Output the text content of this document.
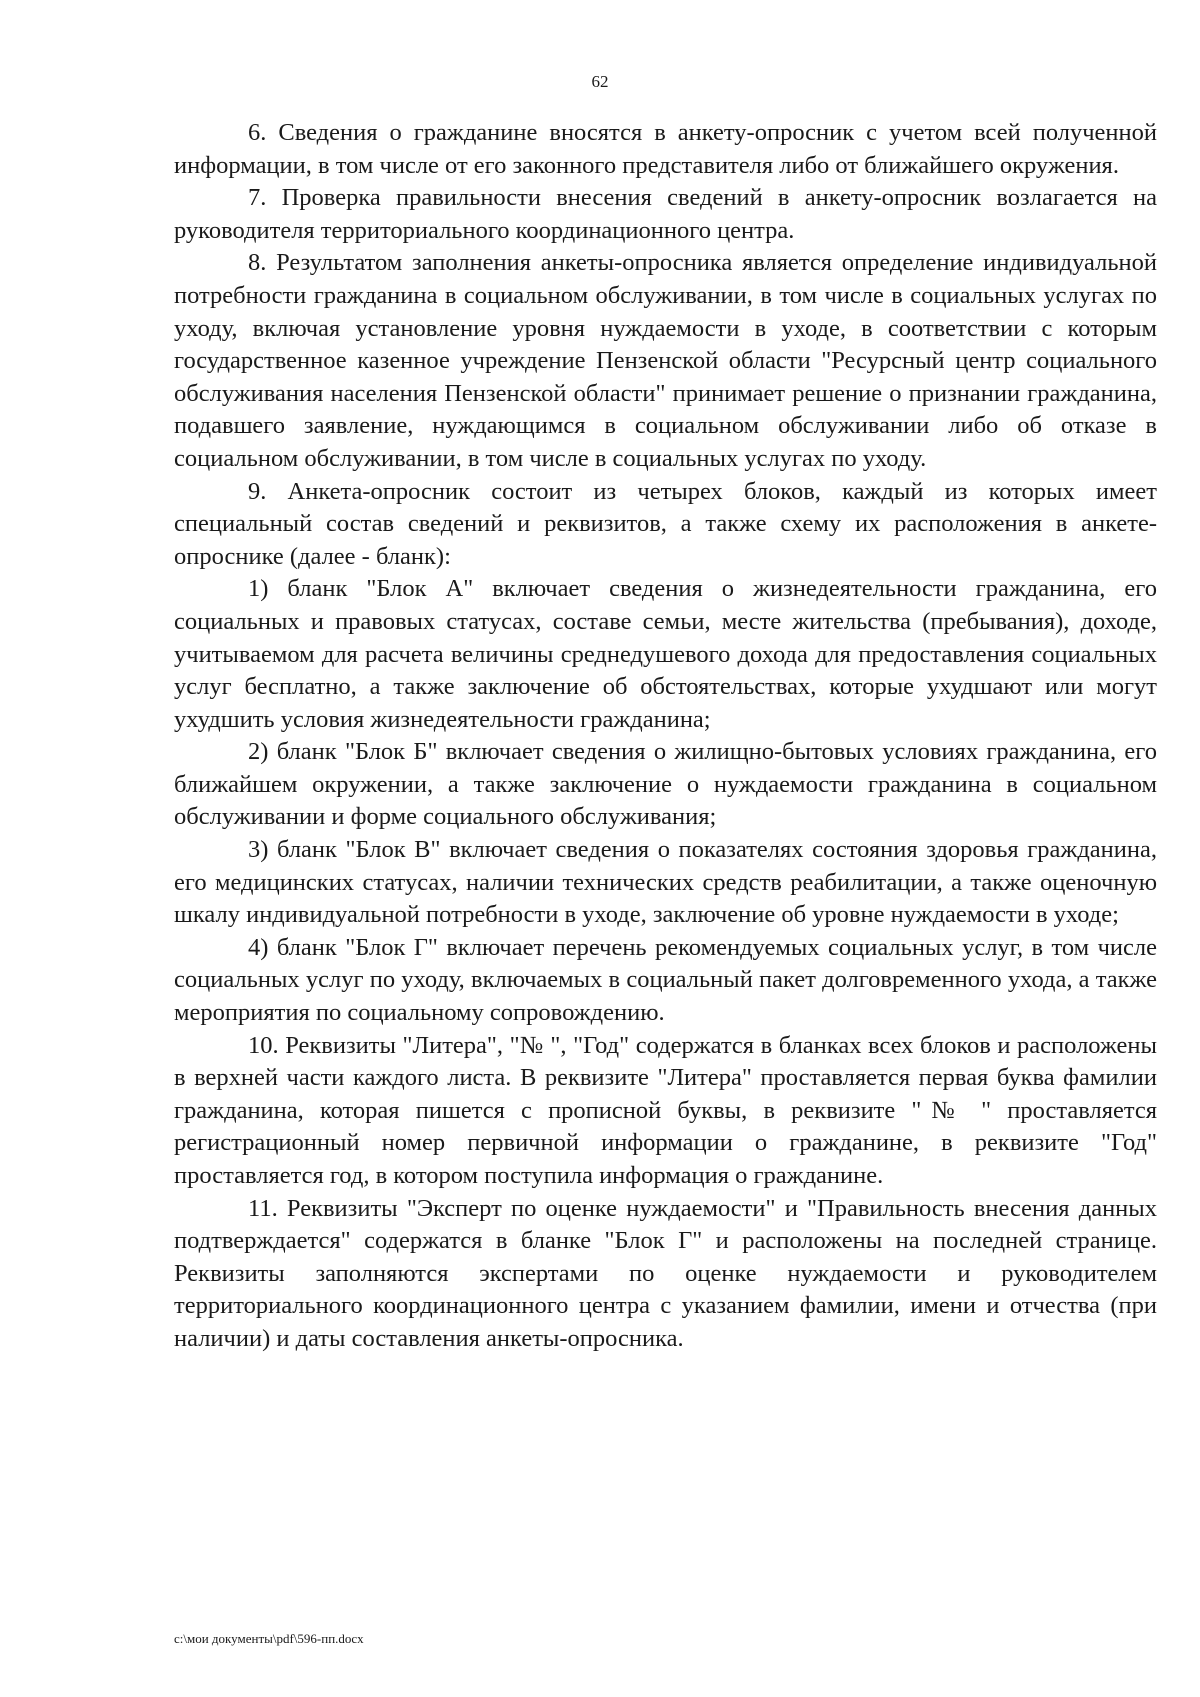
62

6. Сведения о гражданине вносятся в анкету-опросник с учетом всей полученной информации, в том числе от его законного представителя либо от ближайшего окружения.

7. Проверка правильности внесения сведений в анкету-опросник возлагается на руководителя территориального координационного центра.

8. Результатом заполнения анкеты-опросника является определение индивидуальной потребности гражданина в социальном обслуживании, в том числе в социальных услугах по уходу, включая установление уровня нуждаемости в уходе, в соответствии с которым государственное казенное учреждение Пензенской области "Ресурсный центр социального обслуживания населения Пензенской области" принимает решение о признании гражданина, подавшего заявление, нуждающимся в социальном обслуживании либо об отказе в социальном обслуживании, в том числе в социальных услугах по уходу.

9. Анкета-опросник состоит из четырех блоков, каждый из которых имеет специальный состав сведений и реквизитов, а также схему их расположения в анкете-опроснике (далее - бланк):

1) бланк "Блок А" включает сведения о жизнедеятельности гражданина, его социальных и правовых статусах, составе семьи, месте жительства (пребывания), доходе, учитываемом для расчета величины среднедушевого дохода для предоставления социальных услуг бесплатно, а также заключение об обстоятельствах, которые ухудшают или могут ухудшить условия жизнедеятельности гражданина;

2) бланк "Блок Б" включает сведения о жилищно-бытовых условиях гражданина, его ближайшем окружении, а также заключение о нуждаемости гражданина в социальном обслуживании и форме социального обслуживания;

3) бланк "Блок В" включает сведения о показателях состояния здоровья гражданина, его медицинских статусах, наличии технических средств реабилитации, а также оценочную шкалу индивидуальной потребности в уходе, заключение об уровне нуждаемости в уходе;

4) бланк "Блок Г" включает перечень рекомендуемых социальных услуг, в том числе социальных услуг по уходу, включаемых в социальный пакет долговременного ухода, а также мероприятия по социальному сопровождению.

10. Реквизиты "Литера", "№ ", "Год" содержатся в бланках всех блоков и расположены в верхней части каждого листа. В реквизите "Литера" проставляется первая буква фамилии гражданина, которая пишется с прописной буквы, в реквизите "№ " проставляется регистрационный номер первичной информации о гражданине, в реквизите "Год" проставляется год, в котором поступила информация о гражданине.

11. Реквизиты "Эксперт по оценке нуждаемости" и "Правильность внесения данных подтверждается" содержатся в бланке "Блок Г" и расположены на последней странице. Реквизиты заполняются экспертами по оценке нуждаемости и руководителем территориального координационного центра с указанием фамилии, имени и отчества (при наличии) и даты составления анкеты-опросника.

c:\мои документы\pdf\596-пп.docx
